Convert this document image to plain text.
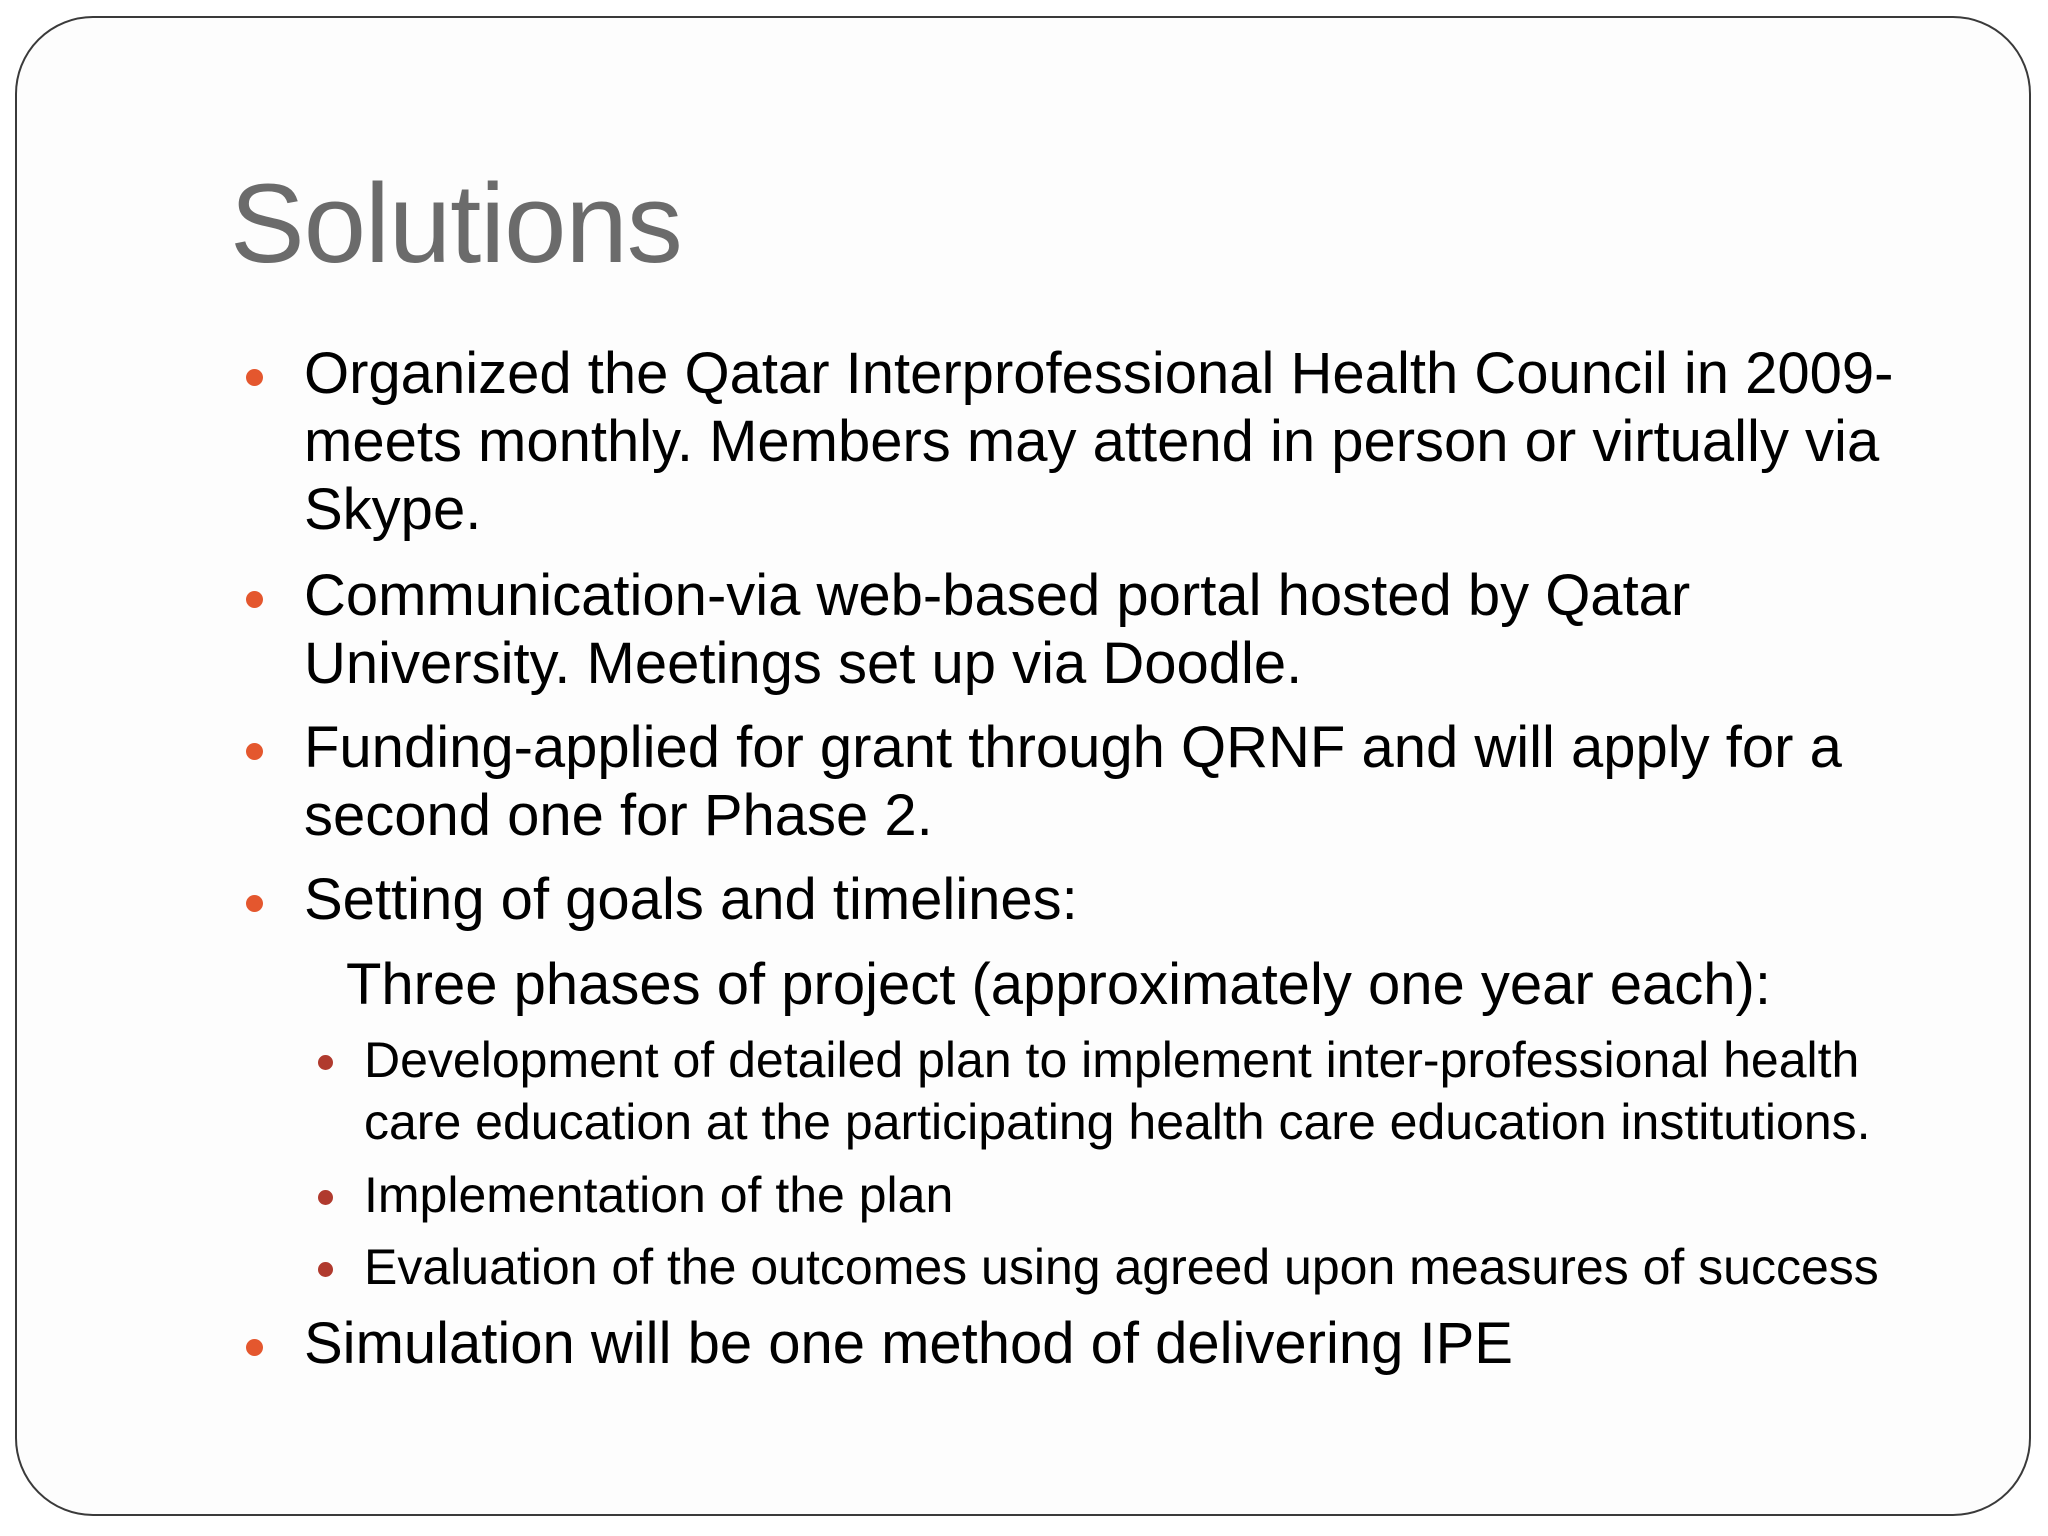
Solutions
Organized the Qatar Interprofessional Health Council in 2009-meets monthly. Members may attend in person or virtually via Skype.
Communication-via web-based portal hosted by Qatar University. Meetings set up via Doodle.
Funding-applied for grant through QRNF and will apply for a second one for Phase 2.
Setting of goals and timelines:
Three phases of project (approximately one year each):
Development of detailed plan to implement inter-professional health care education at the participating health care education institutions.
Implementation of the plan
Evaluation of the outcomes using agreed upon measures of success
Simulation will be one method of delivering IPE
